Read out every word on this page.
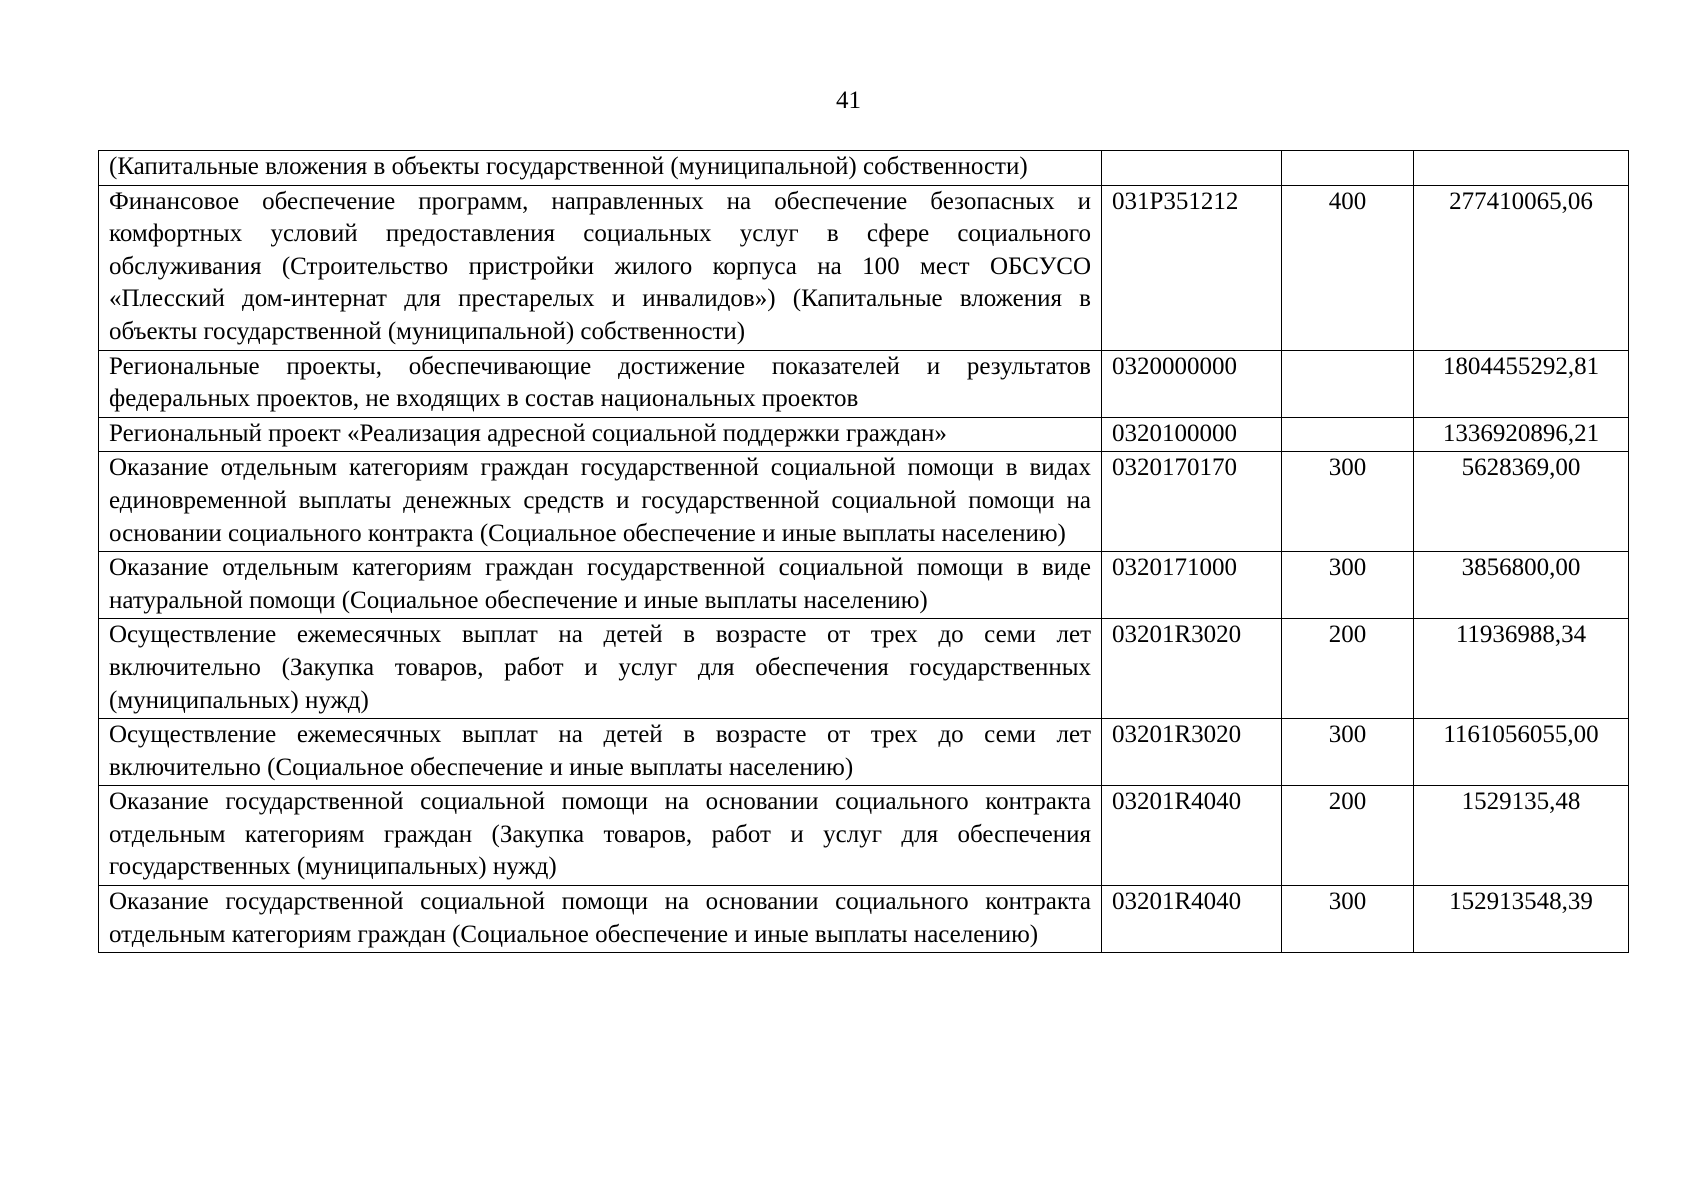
41
(Капитальные вложения в объекты государственной (муниципальной) собственности)			
Финансовое обеспечение программ, направленных на обеспечение безопасных и комфортных условий предоставления социальных услуг в сфере социального обслуживания (Строительство пристройки жилого корпуса на 100 мест ОБСУСО «Плесский дом-интернат для престарелых и инвалидов») (Капитальные вложения в объекты государственной (муниципальной) собственности)	031P351212	400	277410065,06
Региональные проекты, обеспечивающие достижение показателей и результатов федеральных проектов, не входящих в состав национальных проектов	0320000000		1804455292,81
Региональный проект «Реализация адресной социальной поддержки граждан»	0320100000		1336920896,21
Оказание отдельным категориям граждан государственной социальной помощи в видах единовременной выплаты денежных средств и государственной социальной помощи на основании социального контракта (Социальное обеспечение и иные выплаты населению)	0320170170	300	5628369,00
Оказание отдельным категориям граждан государственной социальной помощи в виде натуральной помощи (Социальное обеспечение и иные выплаты населению)	0320171000	300	3856800,00
Осуществление ежемесячных выплат на детей в возрасте от трех до семи лет включительно (Закупка товаров, работ и услуг для обеспечения государственных (муниципальных) нужд)	03201R3020	200	11936988,34
Осуществление ежемесячных выплат на детей в возрасте от трех до семи лет включительно (Социальное обеспечение и иные выплаты населению)	03201R3020	300	1161056055,00
Оказание государственной социальной помощи на основании социального контракта отдельным категориям граждан (Закупка товаров, работ и услуг для обеспечения государственных (муниципальных) нужд)	03201R4040	200	1529135,48
Оказание государственной социальной помощи на основании социального контракта отдельным категориям граждан (Социальное обеспечение и иные выплаты населению)	03201R4040	300	152913548,39
